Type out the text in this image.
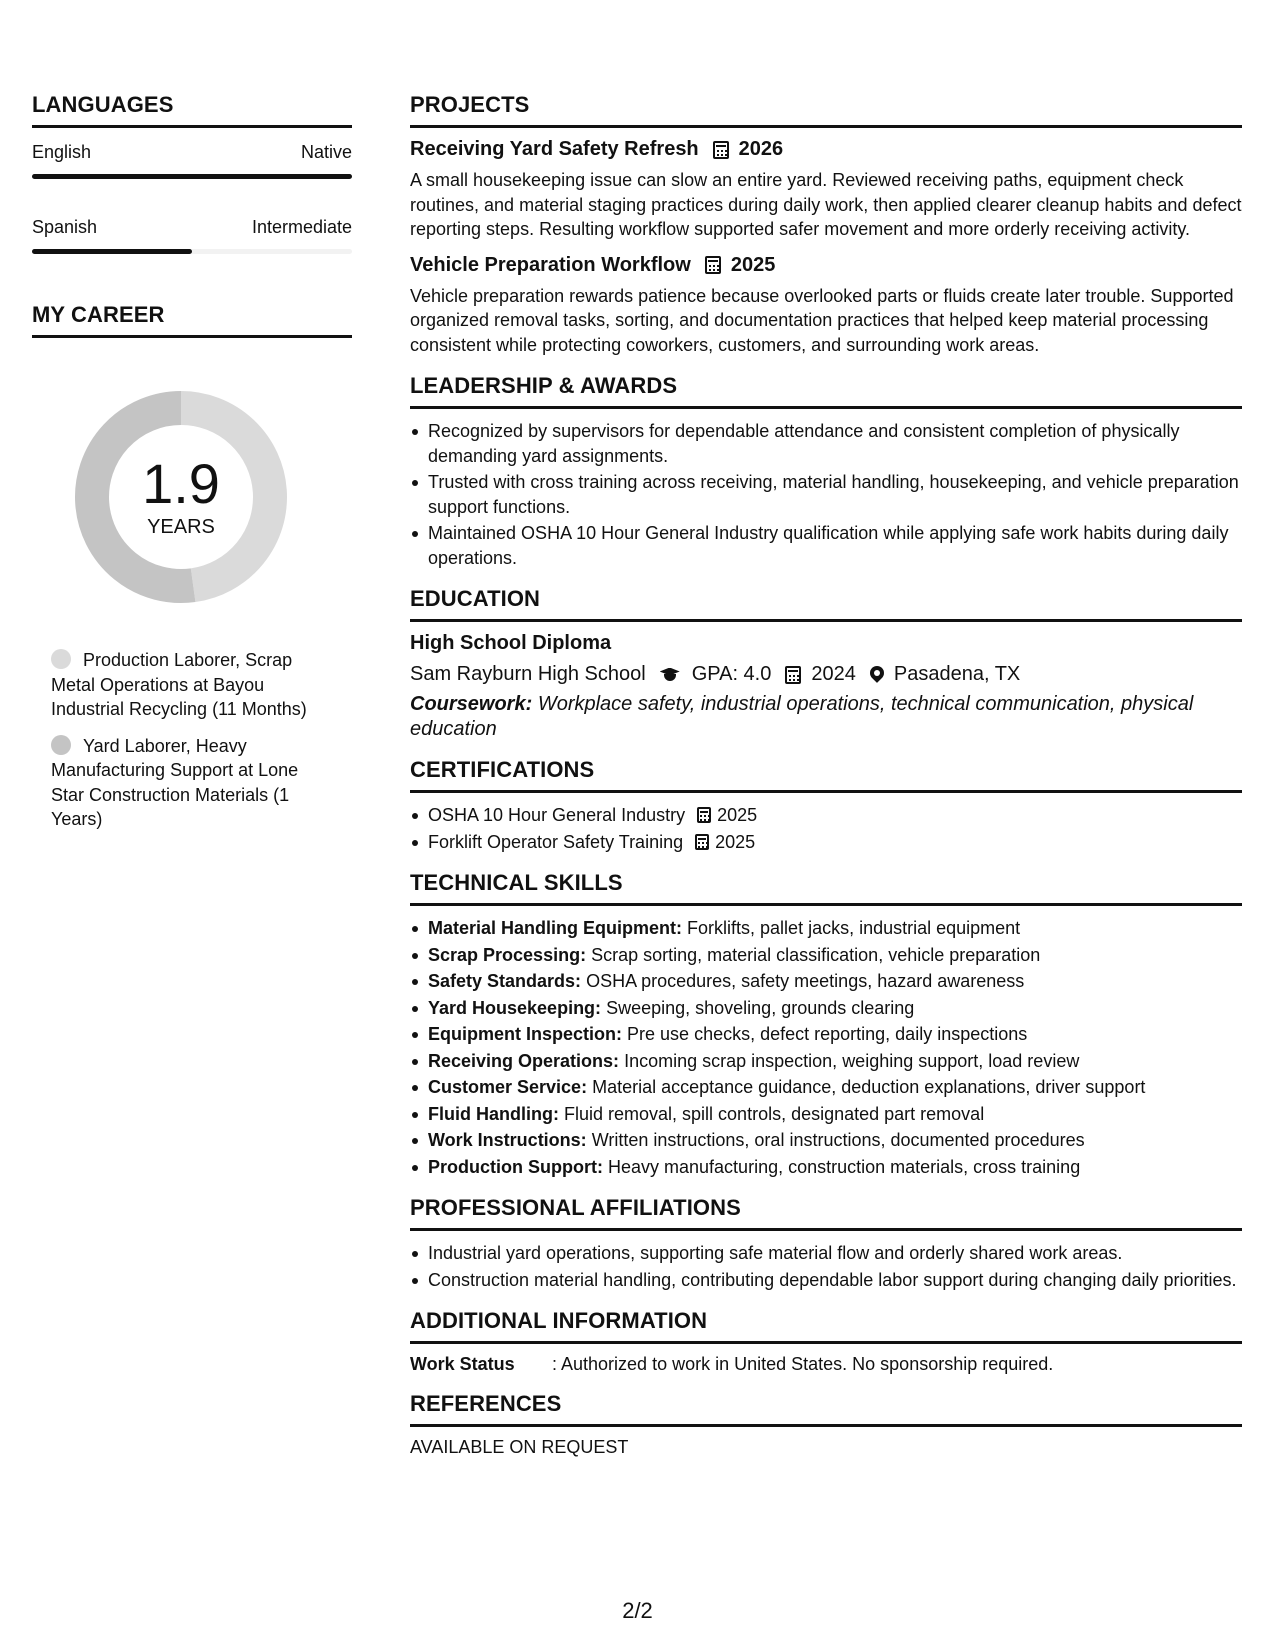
LANGUAGES
English	Native
Spanish	Intermediate
MY CAREER
1.9
YEARS
Production Laborer, Scrap Metal Operations at Bayou Industrial Recycling (11 Months)
Yard Laborer, Heavy Manufacturing Support at Lone Star Construction Materials (1 Years)
PROJECTS
Receiving Yard Safety Refresh 2026
A small housekeeping issue can slow an entire yard. Reviewed receiving paths, equipment check routines, and material staging practices during daily work, then applied clearer cleanup habits and defect reporting steps. Resulting workflow supported safer movement and more orderly receiving activity.
Vehicle Preparation Workflow 2025
Vehicle preparation rewards patience because overlooked parts or fluids create later trouble. Supported organized removal tasks, sorting, and documentation practices that helped keep material processing consistent while protecting coworkers, customers, and surrounding work areas.
LEADERSHIP & AWARDS
Recognized by supervisors for dependable attendance and consistent completion of physically demanding yard assignments.
Trusted with cross training across receiving, material handling, housekeeping, and vehicle preparation support functions.
Maintained OSHA 10 Hour General Industry qualification while applying safe work habits during daily operations.
EDUCATION
High School Diploma
Sam Rayburn High School GPA: 4.0 2024 Pasadena, TX
Coursework: Workplace safety, industrial operations, technical communication, physical education
CERTIFICATIONS
OSHA 10 Hour General Industry 2025
Forklift Operator Safety Training 2025
TECHNICAL SKILLS
Material Handling Equipment: Forklifts, pallet jacks, industrial equipment
Scrap Processing: Scrap sorting, material classification, vehicle preparation
Safety Standards: OSHA procedures, safety meetings, hazard awareness
Yard Housekeeping: Sweeping, shoveling, grounds clearing
Equipment Inspection: Pre use checks, defect reporting, daily inspections
Receiving Operations: Incoming scrap inspection, weighing support, load review
Customer Service: Material acceptance guidance, deduction explanations, driver support
Fluid Handling: Fluid removal, spill controls, designated part removal
Work Instructions: Written instructions, oral instructions, documented procedures
Production Support: Heavy manufacturing, construction materials, cross training
PROFESSIONAL AFFILIATIONS
Industrial yard operations, supporting safe material flow and orderly shared work areas.
Construction material handling, contributing dependable labor support during changing daily priorities.
ADDITIONAL INFORMATION
Work Status	: Authorized to work in United States. No sponsorship required.
REFERENCES
AVAILABLE ON REQUEST
2/2
